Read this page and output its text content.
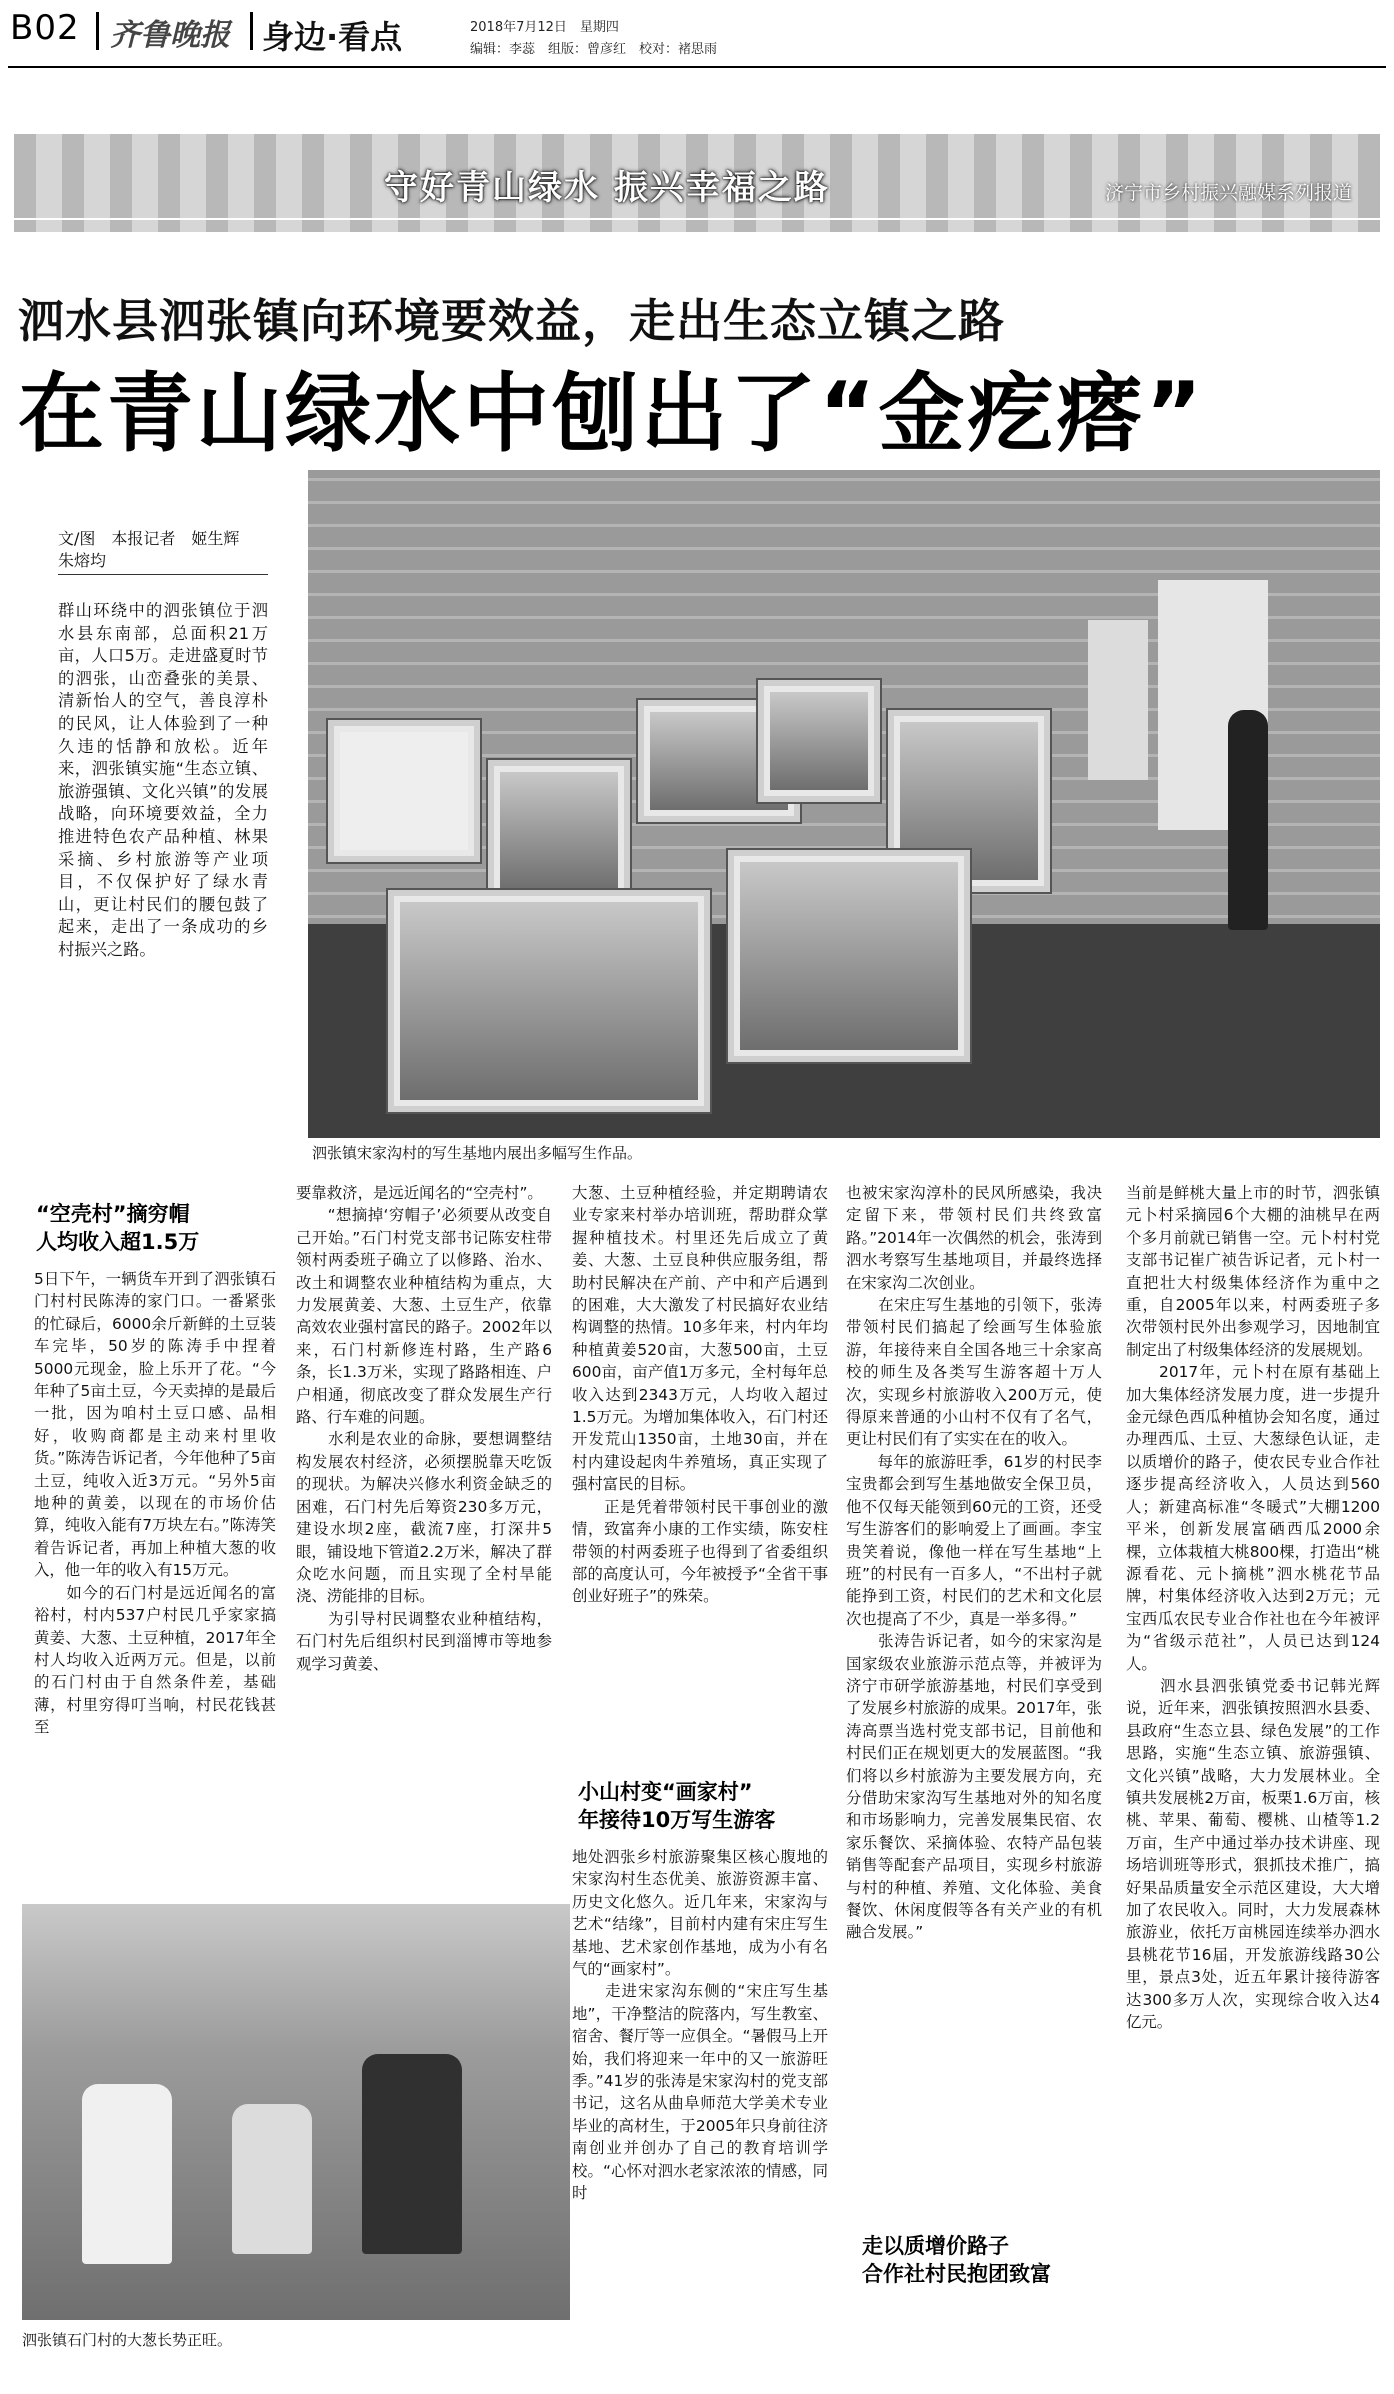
B02 齐鲁晚报 身边·看点	2018年7月12日　星期四
编辑：李蕊　组版：曾彦红　校对：褚思雨
守好青山绿水 振兴幸福之路	济宁市乡村振兴融媒系列报道
泗水县泗张镇向环境要效益，走出生态立镇之路
在青山绿水中刨出了“金疙瘩”
泗张镇宋家沟村的写生基地内展出多幅写生作品。
文/图　本报记者　姬生辉　朱熔均
群山环绕中的泗张镇位于泗水县东南部，总面积21万亩，人口5万。走进盛夏时节的泗张，山峦叠张的美景、清新怡人的空气，善良淳朴的民风，让人体验到了一种久违的恬静和放松。近年来，泗张镇实施“生态立镇、旅游强镇、文化兴镇”的发展战略，向环境要效益，全力推进特色农产品种植、林果采摘、乡村旅游等产业项目，不仅保护好了绿水青山，更让村民们的腰包鼓了起来，走出了一条成功的乡村振兴之路。
“空壳村”摘穷帽
人均收入超1.5万
5日下午，一辆货车开到了泗张镇石门村村民陈涛的家门口。一番紧张的忙碌后，6000余斤新鲜的土豆装车完毕，50岁的陈涛手中捏着5000元现金，脸上乐开了花。“今年种了5亩土豆，今天卖掉的是最后一批，因为咱村土豆口感、品相好，收购商都是主动来村里收货。”陈涛告诉记者，今年他种了5亩土豆，纯收入近3万元。“另外5亩地种的黄姜，以现在的市场价估算，纯收入能有7万块左右。”陈涛笑着告诉记者，再加上种植大葱的收入，他一年的收入有15万元。
　　如今的石门村是远近闻名的富裕村，村内537户村民几乎家家搞黄姜、大葱、土豆种植，2017年全村人均收入近两万元。但是，以前的石门村由于自然条件差，基础薄，村里穷得叮当响，村民花钱甚至
要靠救济，是远近闻名的“空壳村”。
　　“想摘掉‘穷帽子’必须要从改变自己开始。”石门村党支部书记陈安柱带领村两委班子确立了以修路、治水、改土和调整农业种植结构为重点，大力发展黄姜、大葱、土豆生产，依靠高效农业强村富民的路子。2002年以来，石门村新修连村路，生产路6条，长1.3万米，实现了路路相连、户户相通，彻底改变了群众发展生产行路、行车难的问题。
　　水利是农业的命脉，要想调整结构发展农村经济，必须摆脱靠天吃饭的现状。为解决兴修水利资金缺乏的困难，石门村先后筹资230多万元，建设水坝2座，截流7座，打深井5眼，铺设地下管道2.2万米，解决了群众吃水问题，而且实现了全村旱能浇、涝能排的目标。
　　为引导村民调整农业种植结构，石门村先后组织村民到淄博市等地参观学习黄姜、
大葱、土豆种植经验，并定期聘请农业专家来村举办培训班，帮助群众掌握种植技术。村里还先后成立了黄姜、大葱、土豆良种供应服务组，帮助村民解决在产前、产中和产后遇到的困难，大大激发了村民搞好农业结构调整的热情。10多年来，村内年均种植黄姜520亩，大葱500亩，土豆600亩，亩产值1万多元，全村每年总收入达到2343万元，人均收入超过1.5万元。为增加集体收入，石门村还开发荒山1350亩，土地30亩，并在村内建设起肉牛养殖场，真正实现了强村富民的目标。
　　正是凭着带领村民干事创业的激情，致富奔小康的工作实绩，陈安柱带领的村两委班子也得到了省委组织部的高度认可，今年被授予“全省干事创业好班子”的殊荣。
小山村变“画家村”
年接待10万写生游客
地处泗张乡村旅游聚集区核心腹地的宋家沟村生态优美、旅游资源丰富、历史文化悠久。近几年来，宋家沟与艺术“结缘”，目前村内建有宋庄写生基地、艺术家创作基地，成为小有名气的“画家村”。
　　走进宋家沟东侧的“宋庄写生基地”，干净整洁的院落内，写生教室、宿舍、餐厅等一应俱全。“暑假马上开始，我们将迎来一年中的又一旅游旺季。”41岁的张涛是宋家沟村的党支部书记，这名从曲阜师范大学美术专业毕业的高材生，于2005年只身前往济南创业并创办了自己的教育培训学校。“心怀对泗水老家浓浓的情感，同时
也被宋家沟淳朴的民风所感染，我决定留下来，带领村民们共终致富路。”2014年一次偶然的机会，张涛到泗水考察写生基地项目，并最终选择在宋家沟二次创业。
　　在宋庄写生基地的引领下，张涛带领村民们搞起了绘画写生体验旅游，年接待来自全国各地三十余家高校的师生及各类写生游客超十万人次，实现乡村旅游收入200万元，使得原来普通的小山村不仅有了名气，更让村民们有了实实在在的收入。
　　每年的旅游旺季，61岁的村民李宝贵都会到写生基地做安全保卫员，他不仅每天能领到60元的工资，还受写生游客们的影响爱上了画画。李宝贵笑着说，像他一样在写生基地“上班”的村民有一百多人，“不出村子就能挣到工资，村民们的艺术和文化层次也提高了不少，真是一举多得。”
　　张涛告诉记者，如今的宋家沟是国家级农业旅游示范点等，并被评为济宁市研学旅游基地，村民们享受到了发展乡村旅游的成果。2017年，张涛高票当选村党支部书记，目前他和村民们正在规划更大的发展蓝图。“我们将以乡村旅游为主要发展方向，充分借助宋家沟写生基地对外的知名度和市场影响力，完善发展集民宿、农家乐餐饮、采摘体验、农特产品包装销售等配套产品项目，实现乡村旅游与村的种植、养殖、文化体验、美食餐饮、休闲度假等各有关产业的有机融合发展。”
走以质增价路子
合作社村民抱团致富
当前是鲜桃大量上市的时节，泗张镇元卜村采摘园6个大棚的油桃早在两个多月前就已销售一空。元卜村村党支部书记崔广祯告诉记者，元卜村一直把壮大村级集体经济作为重中之重，自2005年以来，村两委班子多次带领村民外出参观学习，因地制宜制定出了村级集体经济的发展规划。
　　2017年，元卜村在原有基础上加大集体经济发展力度，进一步提升金元绿色西瓜种植协会知名度，通过办理西瓜、土豆、大葱绿色认证，走以质增价的路子，使农民专业合作社逐步提高经济收入，人员达到560人；新建高标准“冬暖式”大棚1200平米，创新发展富硒西瓜2000余棵，立体栽植大桃800棵，打造出“桃源看花、元卜摘桃”泗水桃花节品牌，村集体经济收入达到2万元；元宝西瓜农民专业合作社也在今年被评为“省级示范社”，人员已达到124人。
　　泗水县泗张镇党委书记韩光辉说，近年来，泗张镇按照泗水县委、县政府“生态立县、绿色发展”的工作思路，实施“生态立镇、旅游强镇、文化兴镇”战略，大力发展林业。全镇共发展桃2万亩，板栗1.6万亩，核桃、苹果、葡萄、樱桃、山楂等1.2万亩，生产中通过举办技术讲座、现场培训班等形式，狠抓技术推广，搞好果品质量安全示范区建设，大大增加了农民收入。同时，大力发展森林旅游业，依托万亩桃园连续举办泗水县桃花节16届，开发旅游线路30公里，景点3处，近五年累计接待游客达300多万人次，实现综合收入达4亿元。
泗张镇石门村的大葱长势正旺。
